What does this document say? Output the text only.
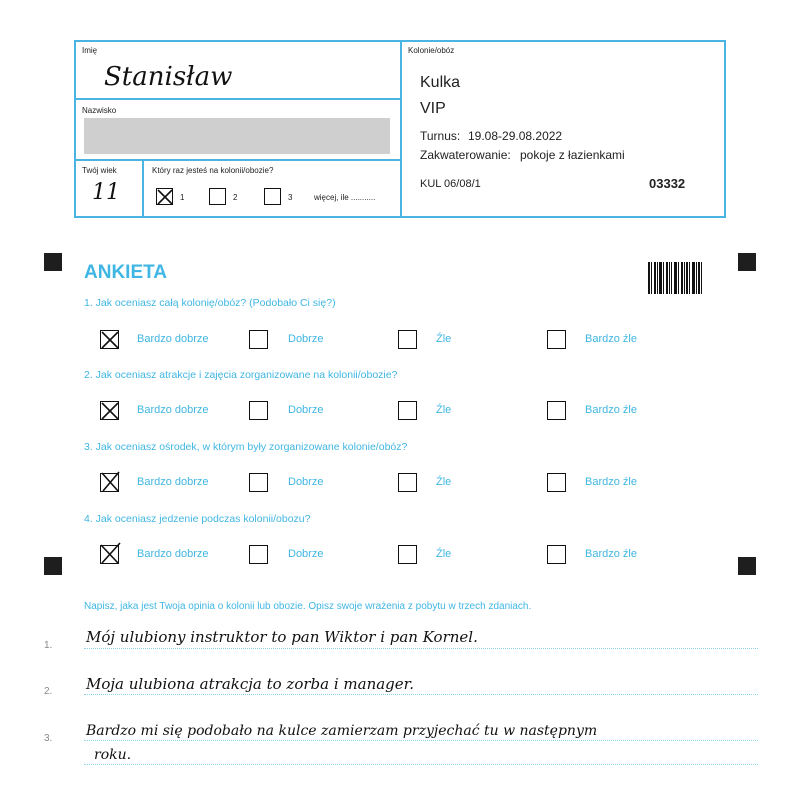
Imię
Stanisław
Nazwisko
Twój wiek
11
Który raz jesteś na kolonii/obozie?
1	2	3	więcej, ile ...........
Kolonie/obóz
Kulka
VIP
Turnus: 19.08-29.08.2022
Zakwaterowanie: pokoje z łazienkami
KUL 06/08/1	03332
ANKIETA
1. Jak oceniasz całą kolonię/obóz? (Podobało Ci się?)
Bardzo dobrze	Dobrze	Źle	Bardzo źle
2. Jak oceniasz atrakcje i zajęcia zorganizowane na kolonii/obozie?
Bardzo dobrze	Dobrze	Źle	Bardzo źle
3. Jak oceniasz ośrodek, w którym były zorganizowane kolonie/obóz?
Bardzo dobrze	Dobrze	Źle	Bardzo źle
4. Jak oceniasz jedzenie podczas kolonii/obozu?
Bardzo dobrze	Dobrze	Źle	Bardzo źle
Napisz, jaka jest Twoja opinia o kolonii lub obozie. Opisz swoje wrażenia z pobytu w trzech zdaniach.
1. Mój ulubiony instruktor to pan Wiktor i pan Kornel.
2. Moja ulubiona atrakcja to zorba i manager.
3. Bardzo mi się podobało na kulce zamierzam przyjechać tu w następnym
roku.
